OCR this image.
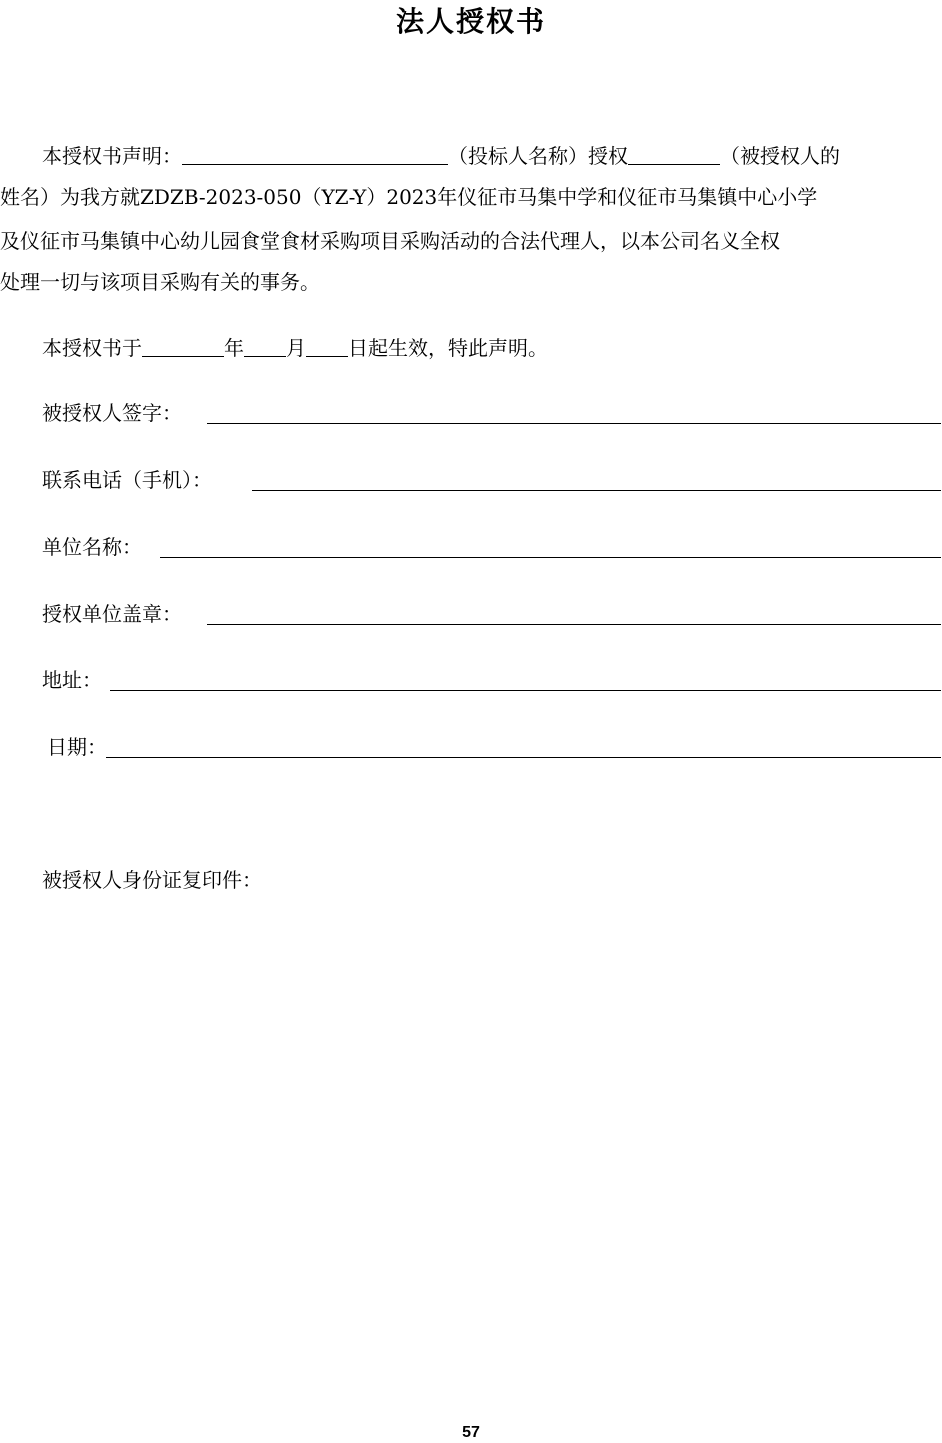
法人授权书
本授权书声明：	（投标人名称）授权	（被授权人的
姓名）为我方就ZDZB-2023-050（YZ-Y）2023年仪征市马集中学和仪征市马集镇中心小学
及仪征市马集镇中心幼儿园食堂食材采购项目采购活动的合法代理人，以本公司名义全权
处理一切与该项目采购有关的事务。
本授权书于	年 月 日起生效，特此声明。
被授权人签字：
联系电话（手机）：
单位名称：
授权单位盖章：
地址：
日期：
被授权人身份证复印件：
57
